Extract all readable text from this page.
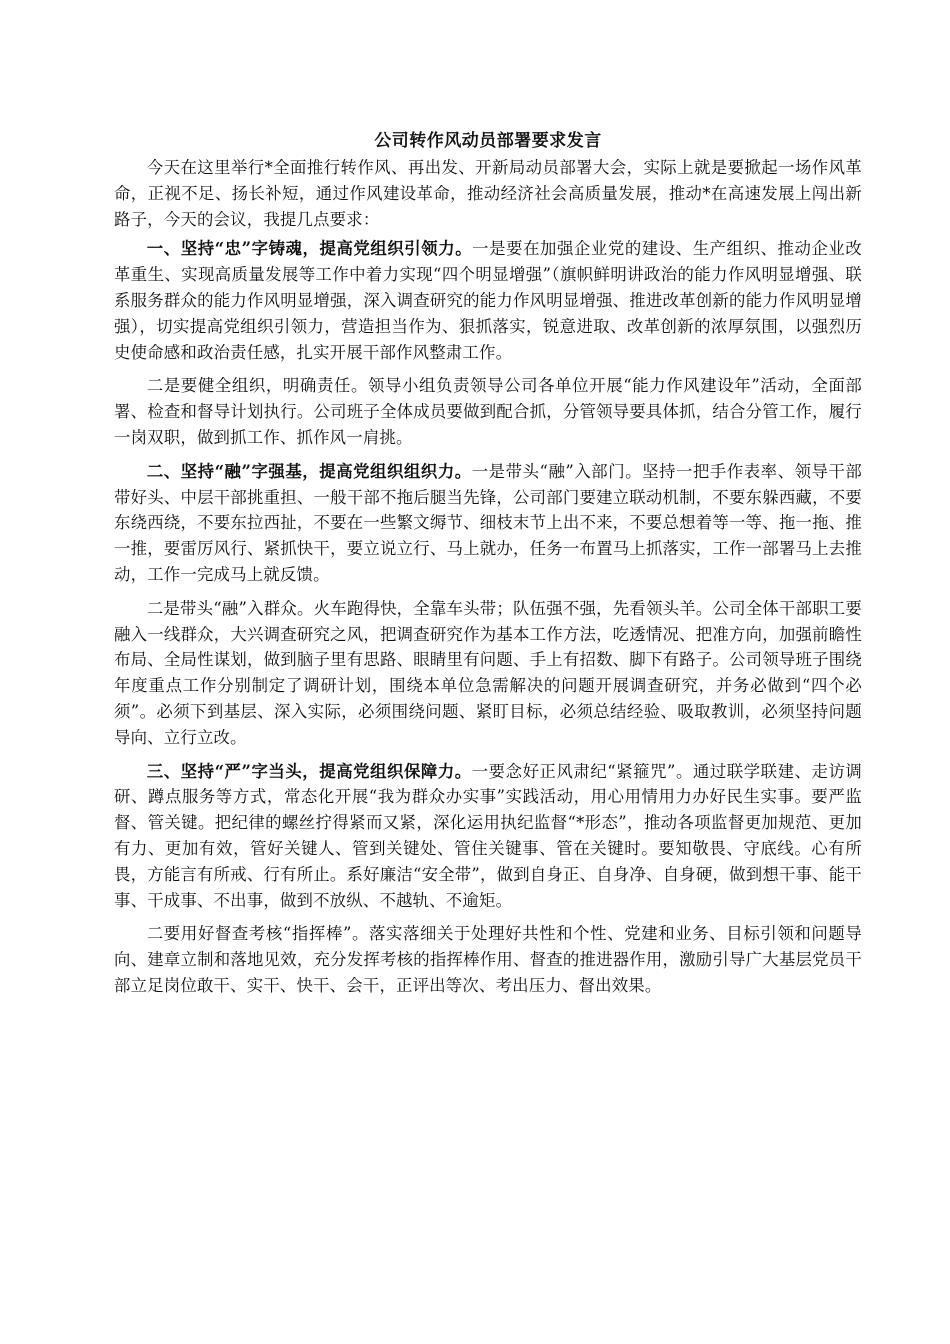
公司转作风动员部署要求发言

今天在这里举行*全面推行转作风、再出发、开新局动员部署大会，实际上就是要掀起一场作风革命，正视不足、扬长补短，通过作风建设革命，推动经济社会高质量发展，推动*在高速发展上闯出新路子，今天的会议，我提几点要求：

一、坚持“忠”字铸魂，提高党组织引领力。一是要在加强企业党的建设、生产组织、推动企业改革重生、实现高质量发展等工作中着力实现“四个明显增强”（旗帜鲜明讲政治的能力作风明显增强、联系服务群众的能力作风明显增强，深入调查研究的能力作风明显增强、推进改革创新的能力作风明显增强），切实提高党组织引领力，营造担当作为、狠抓落实，锐意进取、改革创新的浓厚氛围，以强烈历史使命感和政治责任感，扎实开展干部作风整肃工作。

二是要健全组织，明确责任。领导小组负责领导公司各单位开展“能力作风建设年”活动，全面部署、检查和督导计划执行。公司班子全体成员要做到配合抓，分管领导要具体抓，结合分管工作，履行一岗双职，做到抓工作、抓作风一肩挑。

二、坚持“融”字强基，提高党组织组织力。一是带头“融”入部门。坚持一把手作表率、领导干部带好头、中层干部挑重担、一般干部不拖后腿当先锋，公司部门要建立联动机制，不要东躲西藏，不要东绕西绕，不要东拉西扯，不要在一些繁文缛节、细枝末节上出不来，不要总想着等一等、拖一拖、推一推，要雷厉风行、紧抓快干，要立说立行、马上就办，任务一布置马上抓落实，工作一部署马上去推动，工作一完成马上就反馈。

二是带头“融”入群众。火车跑得快，全靠车头带；队伍强不强，先看领头羊。公司全体干部职工要融入一线群众，大兴调查研究之风，把调查研究作为基本工作方法，吃透情况、把准方向，加强前瞻性布局、全局性谋划，做到脑子里有思路、眼睛里有问题、手上有招数、脚下有路子。公司领导班子围绕年度重点工作分别制定了调研计划，围绕本单位急需解决的问题开展调查研究，并务必做到“四个必须”。必须下到基层、深入实际，必须围绕问题、紧盯目标，必须总结经验、吸取教训，必须坚持问题导向、立行立改。

三、坚持“严”字当头，提高党组织保障力。一要念好正风肃纪“紧箍咒”。通过联学联建、走访调研、蹲点服务等方式，常态化开展“我为群众办实事”实践活动，用心用情用力办好民生实事。要严监督、管关键。把纪律的螺丝拧得紧而又紧，深化运用执纪监督“*形态”，推动各项监督更加规范、更加有力、更加有效，管好关键人、管到关键处、管住关键事、管在关键时。要知敬畏、守底线。心有所畏，方能言有所戒、行有所止。系好廉洁“安全带”，做到自身正、自身净、自身硬，做到想干事、能干事、干成事、不出事，做到不放纵、不越轨、不逾矩。

二要用好督查考核“指挥棒”。落实落细关于处理好共性和个性、党建和业务、目标引领和问题导向、建章立制和落地见效，充分发挥考核的指挥棒作用、督查的推进器作用，激励引导广大基层党员干部立足岗位敢干、实干、快干、会干，正评出等次、考出压力、督出效果。
